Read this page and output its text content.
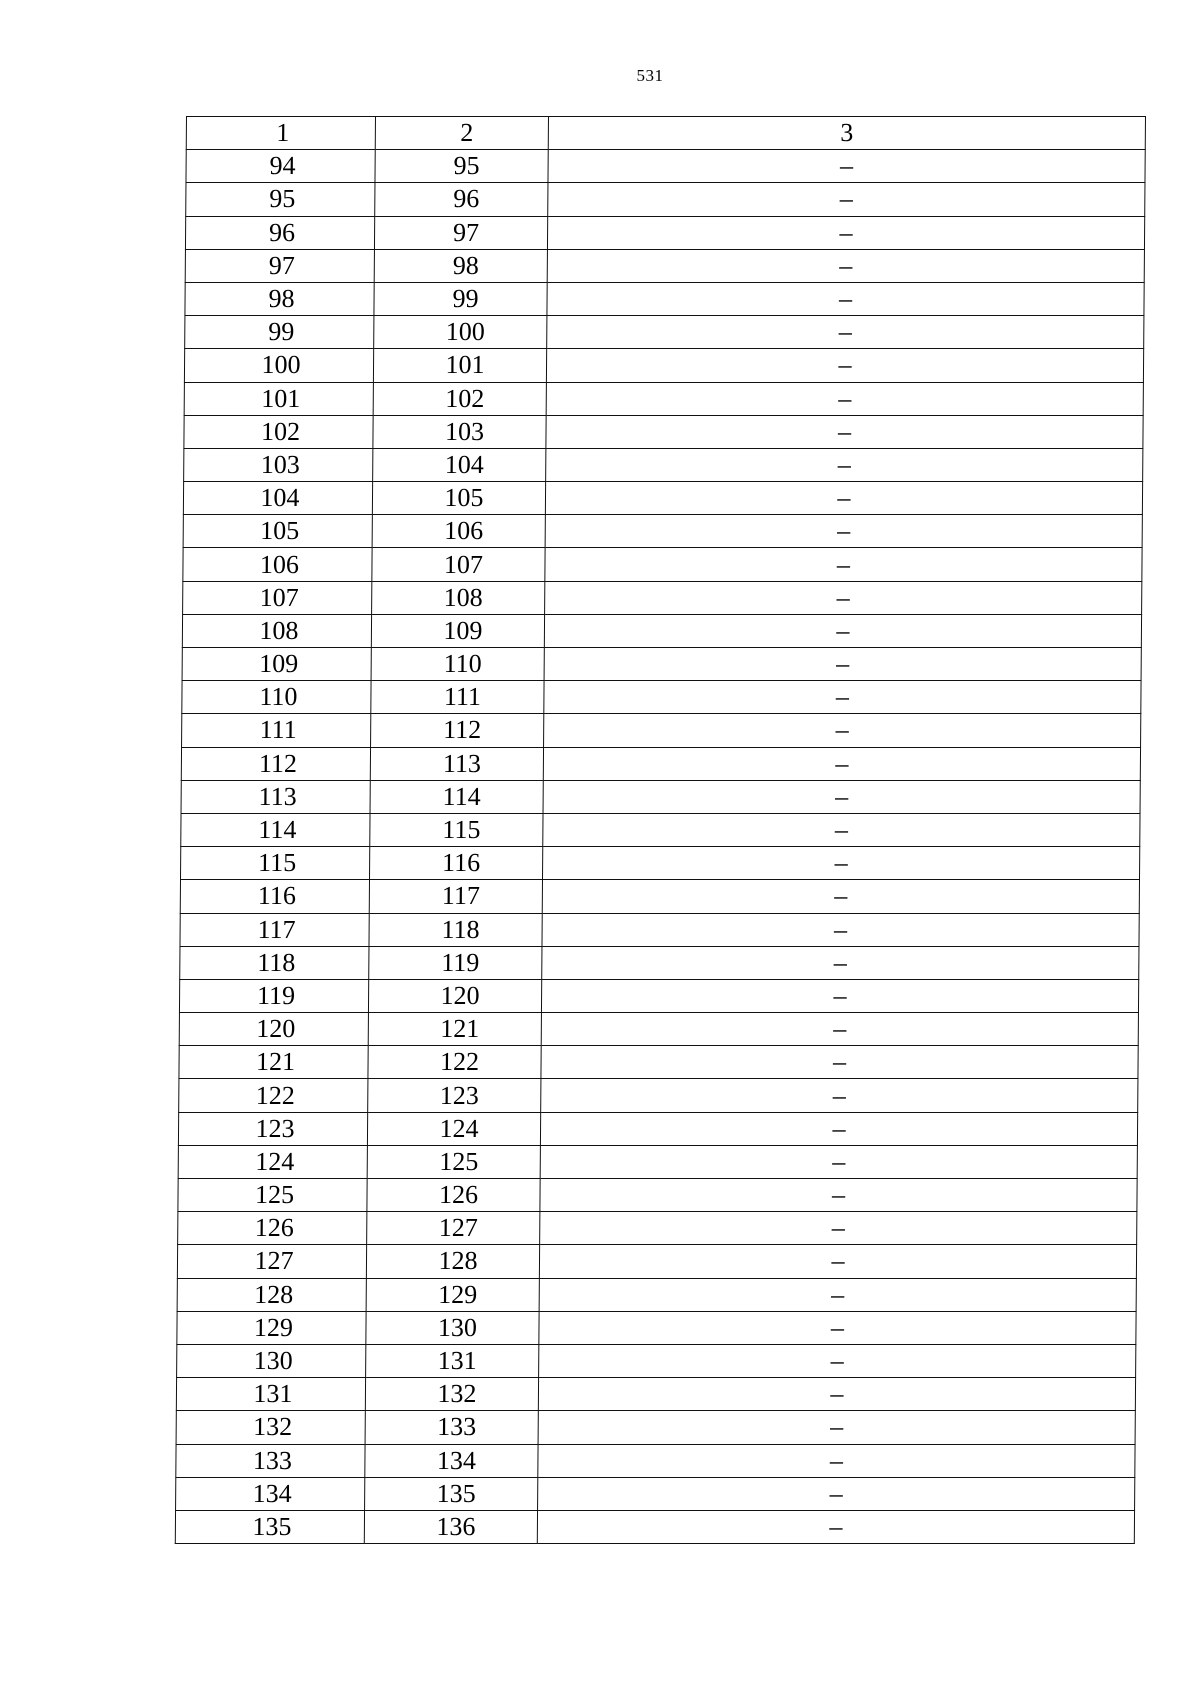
531
1	2	3
94	95	–
95	96	–
96	97	–
97	98	–
98	99	–
99	100	–
100	101	–
101	102	–
102	103	–
103	104	–
104	105	–
105	106	–
106	107	–
107	108	–
108	109	–
109	110	–
110	111	–
111	112	–
112	113	–
113	114	–
114	115	–
115	116	–
116	117	–
117	118	–
118	119	–
119	120	–
120	121	–
121	122	–
122	123	–
123	124	–
124	125	–
125	126	–
126	127	–
127	128	–
128	129	–
129	130	–
130	131	–
131	132	–
132	133	–
133	134	–
134	135	–
135	136	–
